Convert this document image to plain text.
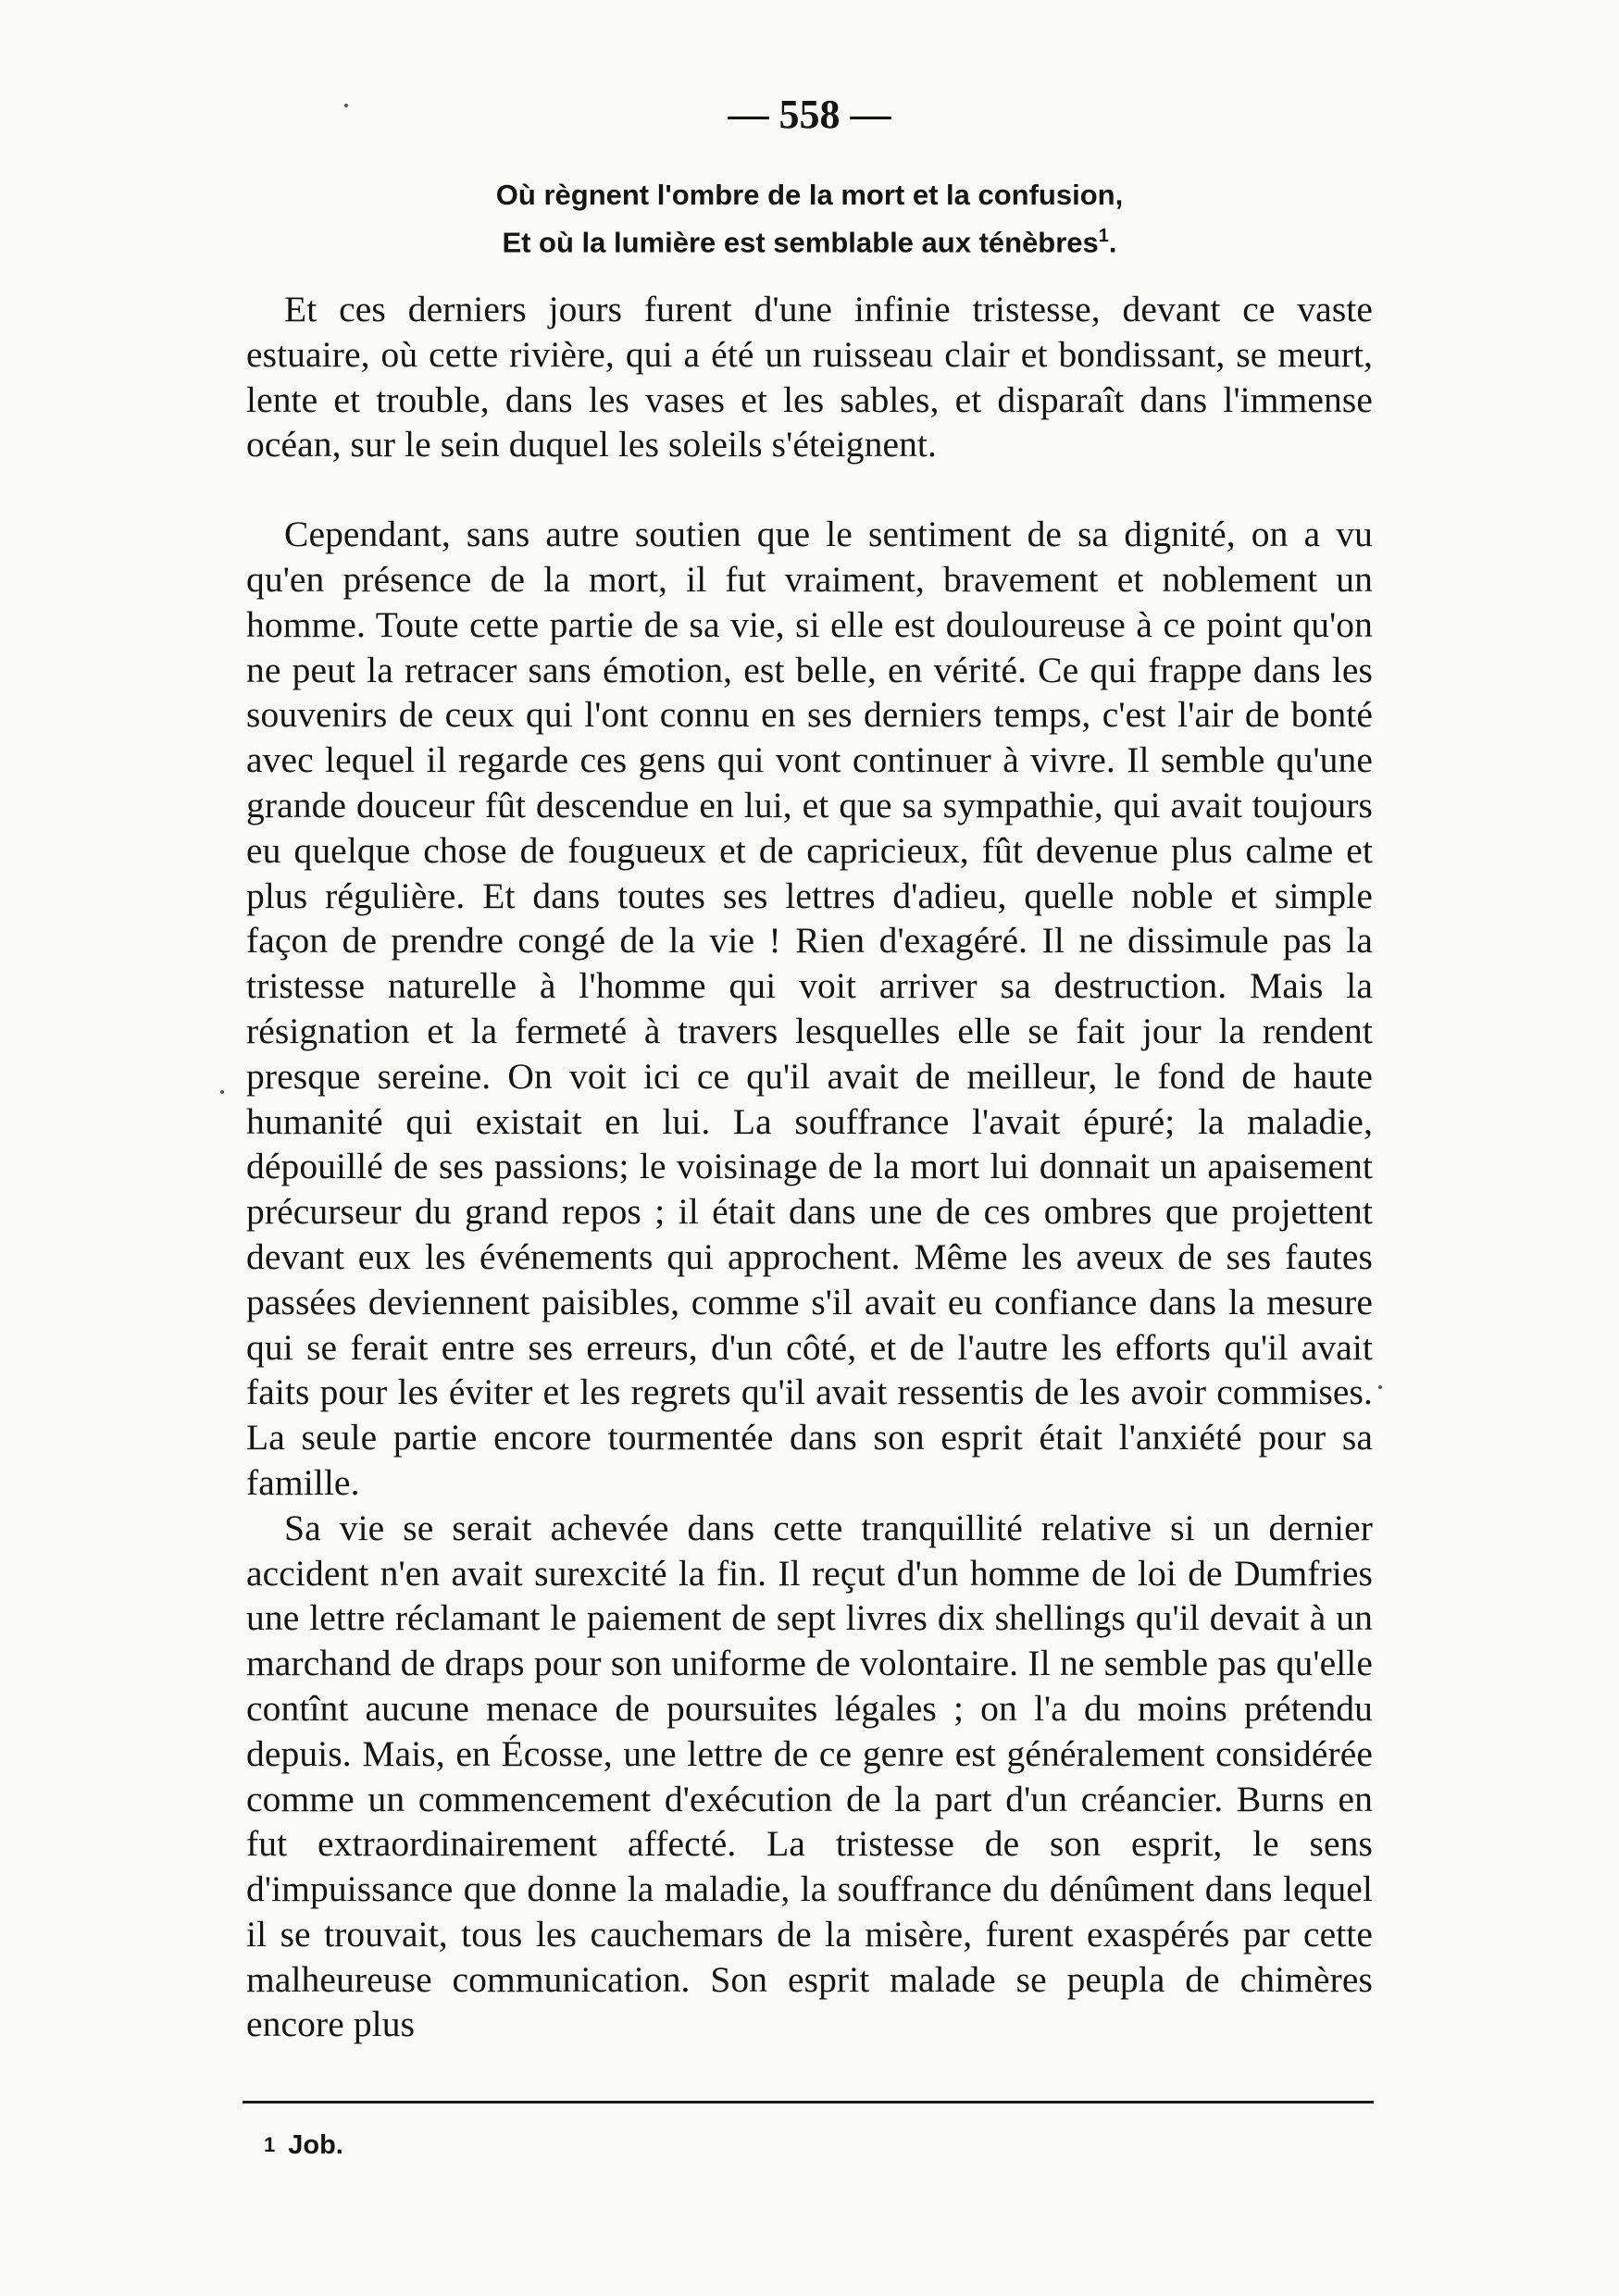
— 558 —
Où règnent l'ombre de la mort et la confusion,
Et où la lumière est semblable aux ténèbres$^1$.

Et ces derniers jours furent d'une infinie tristesse, devant ce vaste estuaire, où cette rivière, qui a été un ruisseau clair et bondissant, se meurt, lente et trouble, dans les vases et les sables, et disparaît dans l'immense océan, sur le sein duquel les soleils s'éteignent.

Cependant, sans autre soutien que le sentiment de sa dignité, on a vu qu'en présence de la mort, il fut vraiment, bravement et noblement un homme. Toute cette partie de sa vie, si elle est douloureuse à ce point qu'on ne peut la retracer sans émotion, est belle, en vérité. Ce qui frappe dans les souvenirs de ceux qui l'ont connu en ses derniers temps, c'est l'air de bonté avec lequel il regarde ces gens qui vont continuer à vivre. Il semble qu'une grande douceur fût descendue en lui, et que sa sympathie, qui avait toujours eu quelque chose de fougueux et de capricieux, fût devenue plus calme et plus régulière. Et dans toutes ses lettres d'adieu, quelle noble et simple façon de prendre congé de la vie ! Rien d'exagéré. Il ne dissimule pas la tristesse naturelle à l'homme qui voit arriver sa destruction. Mais la résignation et la fermeté à travers lesquelles elle se fait jour la rendent presque sereine. On voit ici ce qu'il avait de meilleur, le fond de haute humanité qui existait en lui. La souffrance l'avait épuré; la maladie, dépouillé de ses passions; le voisinage de la mort lui donnait un apaisement précurseur du grand repos ; il était dans une de ces ombres que projettent devant eux les événements qui approchent. Même les aveux de ses fautes passées deviennent paisibles, comme s'il avait eu confiance dans la mesure qui se ferait entre ses erreurs, d'un côté, et de l'autre les efforts qu'il avait faits pour les éviter et les regrets qu'il avait ressentis de les avoir commises. La seule partie encore tourmentée dans son esprit était l'anxiété pour sa famille.

Sa vie se serait achevée dans cette tranquillité relative si un dernier accident n'en avait surexcité la fin. Il reçut d'un homme de loi de Dumfries une lettre réclamant le paiement de sept livres dix shellings qu'il devait à un marchand de draps pour son uniforme de volontaire. Il ne semble pas qu'elle contînt aucune menace de poursuites légales ; on l'a du moins prétendu depuis. Mais, en Écosse, une lettre de ce genre est généralement considérée comme un commencement d'exécution de la part d'un créancier. Burns en fut extraordinairement affecté. La tristesse de son esprit, le sens d'impuissance que donne la maladie, la souffrance du dénûment dans lequel il se trouvait, tous les cauchemars de la misère, furent exaspérés par cette malheureuse communication. Son esprit malade se peupla de chimères encore plus

1 Job.
